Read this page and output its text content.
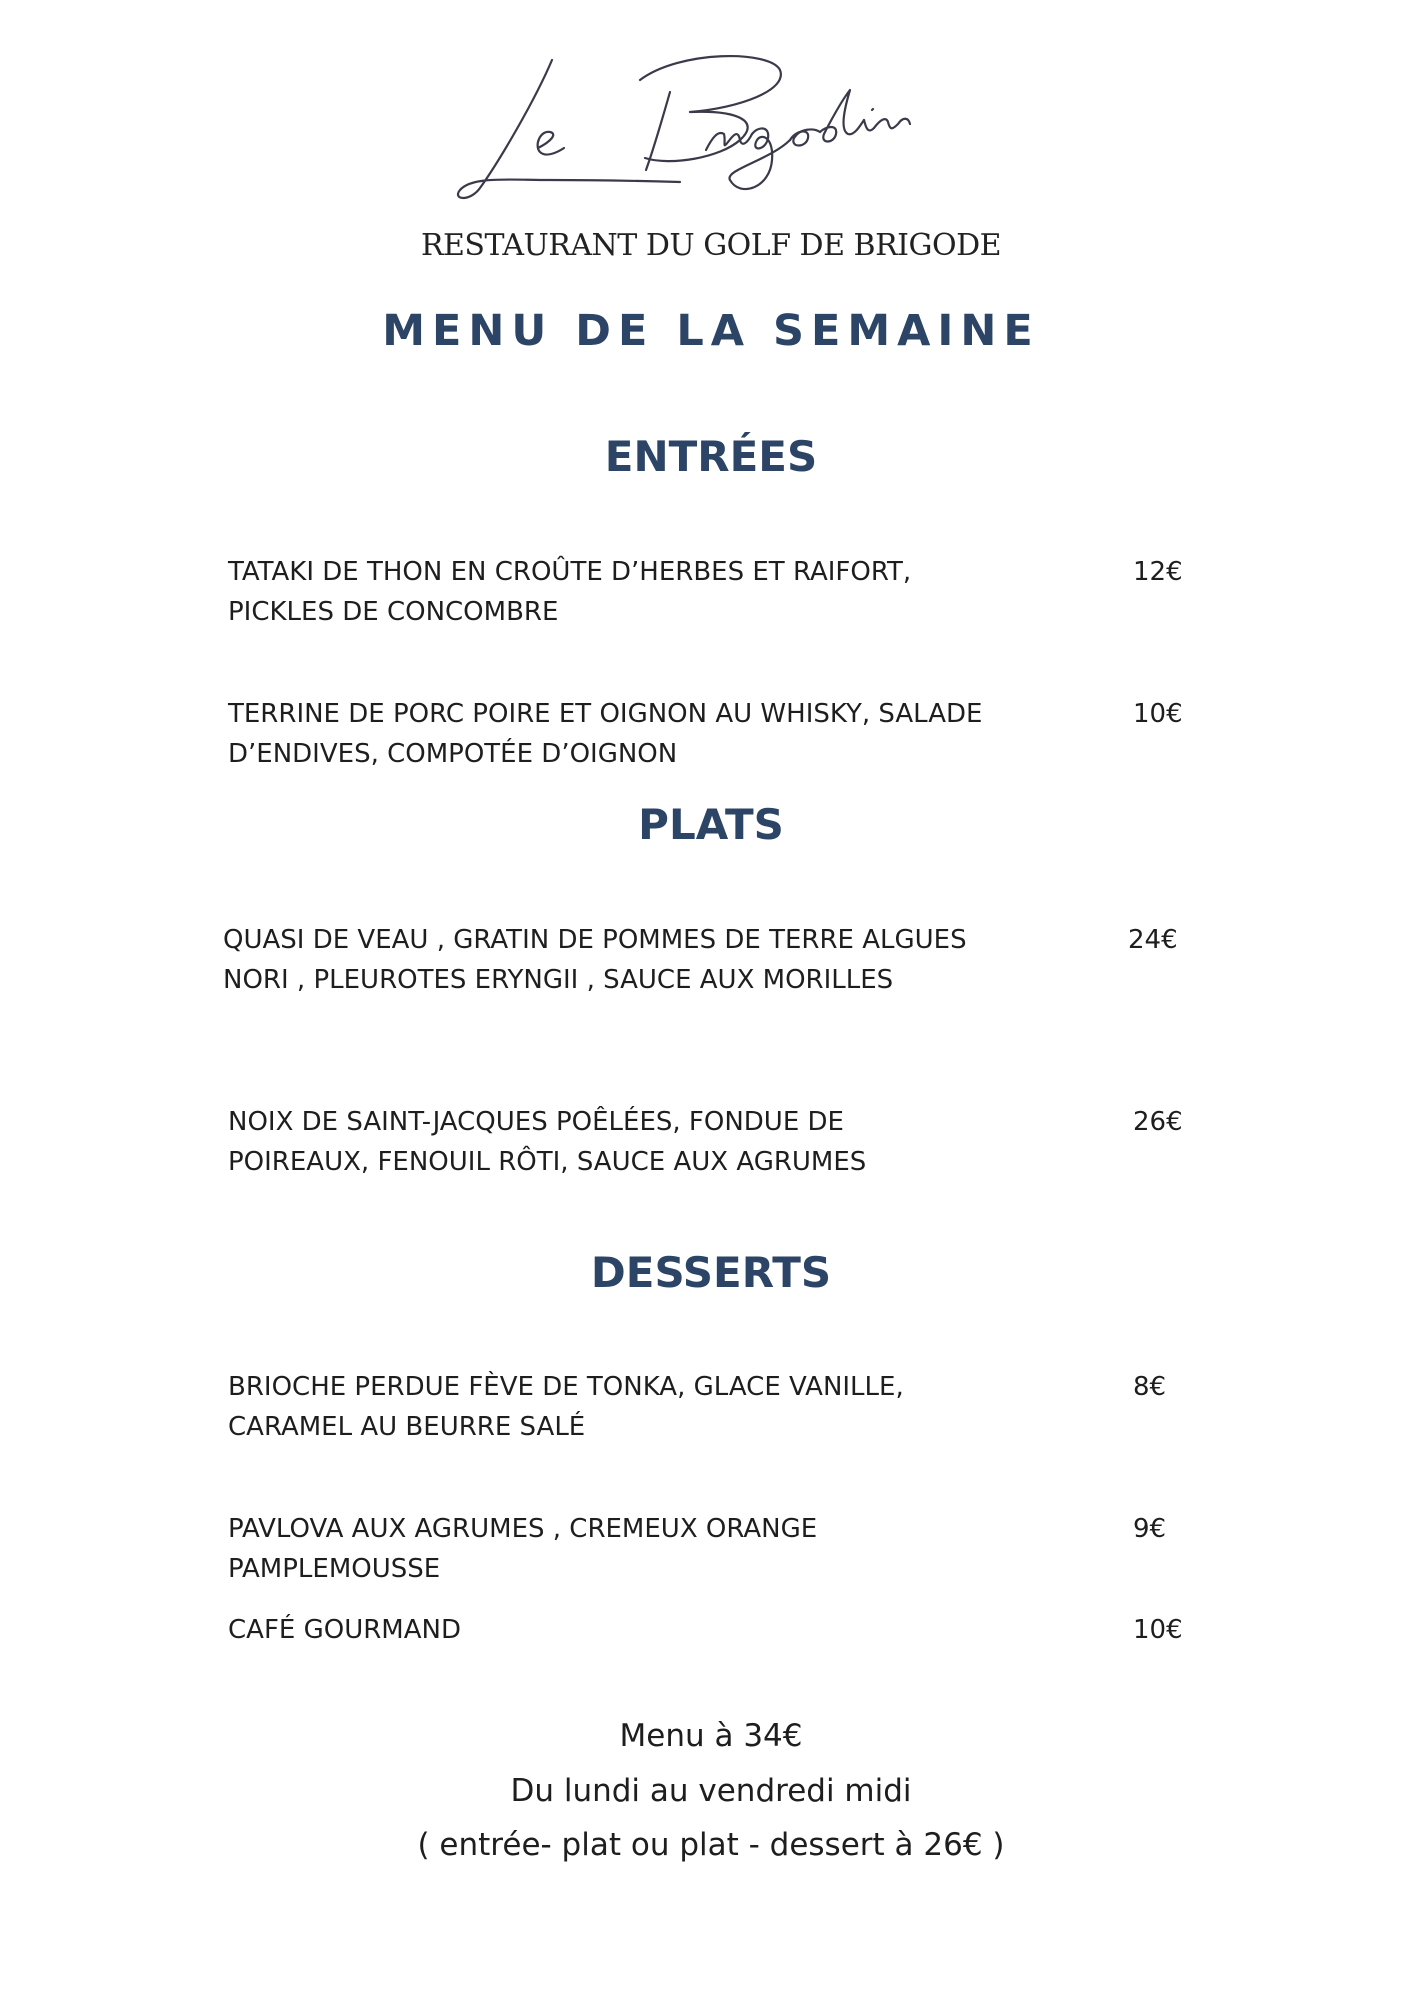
RESTAURANT DU GOLF DE BRIGODE
MENU DE LA SEMAINE
ENTRÉES
TATAKI DE THON EN CROÛTE D’HERBES ET RAIFORT,
PICKLES DE CONCOMBRE
12€
TERRINE DE PORC POIRE ET OIGNON AU WHISKY, SALADE
D’ENDIVES, COMPOTÉE D’OIGNON
10€
PLATS
QUASI DE VEAU , GRATIN DE POMMES DE TERRE ALGUES
NORI , PLEUROTES ERYNGII , SAUCE AUX MORILLES
24€
NOIX DE SAINT-JACQUES POÊLÉES, FONDUE DE
POIREAUX, FENOUIL RÔTI, SAUCE AUX AGRUMES
26€
DESSERTS
BRIOCHE PERDUE FÈVE DE TONKA, GLACE VANILLE,
CARAMEL AU BEURRE SALÉ
8€
PAVLOVA AUX AGRUMES , CREMEUX ORANGE
PAMPLEMOUSSE
9€
CAFÉ GOURMAND	10€
Menu à 34€
Du lundi au vendredi midi
( entrée- plat ou plat - dessert à 26€ )
